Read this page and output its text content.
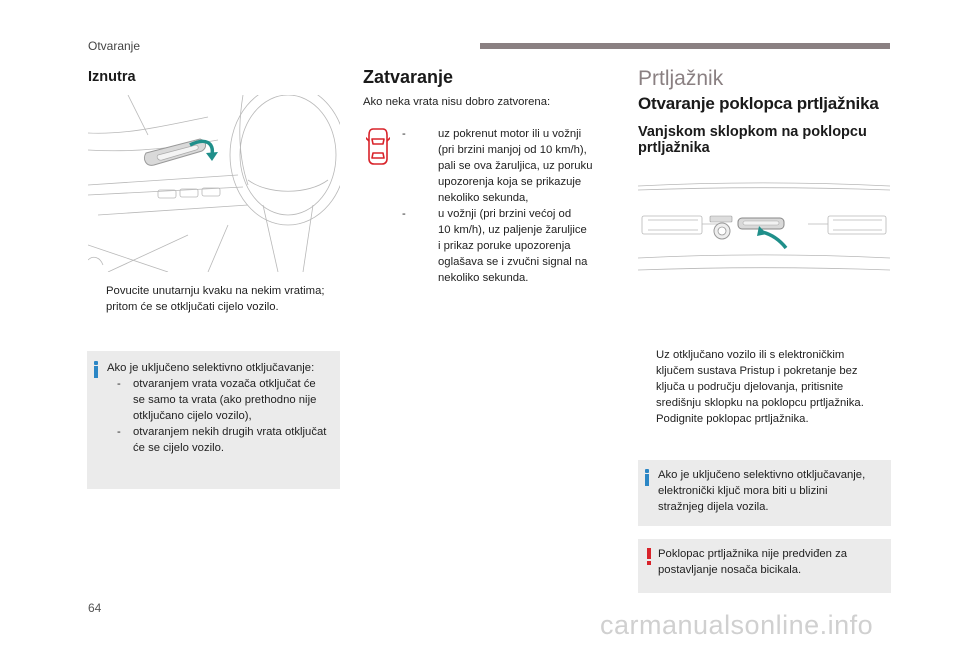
Otvaranje
Iznutra
Povucite unutarnju kvaku na nekim vratima;
pritom će se otključati cijelo vozilo.
Ako je uključeno selektivno otključavanje:
- otvaranjem vrata vozača otključat će
se samo ta vrata (ako prethodno nije
otključano cijelo vozilo),
- otvaranjem nekih drugih vrata otključat
će se cijelo vozilo.
Zatvaranje
Ako neka vrata nisu dobro zatvorena:
-	uz pokrenut motor ili u vožnji
(pri brzini manjoj od 10 km/h),
pali se ova žaruljica, uz poruku
upozorenja koja se prikazuje
nekoliko sekunda,
-	u vožnji (pri brzini većoj od
10 km/h), uz paljenje žaruljice
i prikaz poruke upozorenja
oglašava se i zvučni signal na
nekoliko sekunda.
Prtljažnik
Otvaranje poklopca prtljažnika
Vanjskom sklopkom na poklopcu
prtljažnika
Uz otključano vozilo ili s elektroničkim
ključem sustava Pristup i pokretanje bez
ključa u području djelovanja, pritisnite
središnju sklopku na poklopcu prtljažnika.
Podignite poklopac prtljažnika.
Ako je uključeno selektivno otključavanje,
elektronički ključ mora biti u blizini
stražnjeg dijela vozila.
Poklopac prtljažnika nije predviđen za
postavljanje nosača bicikala.
64
carmanualsonline.info
